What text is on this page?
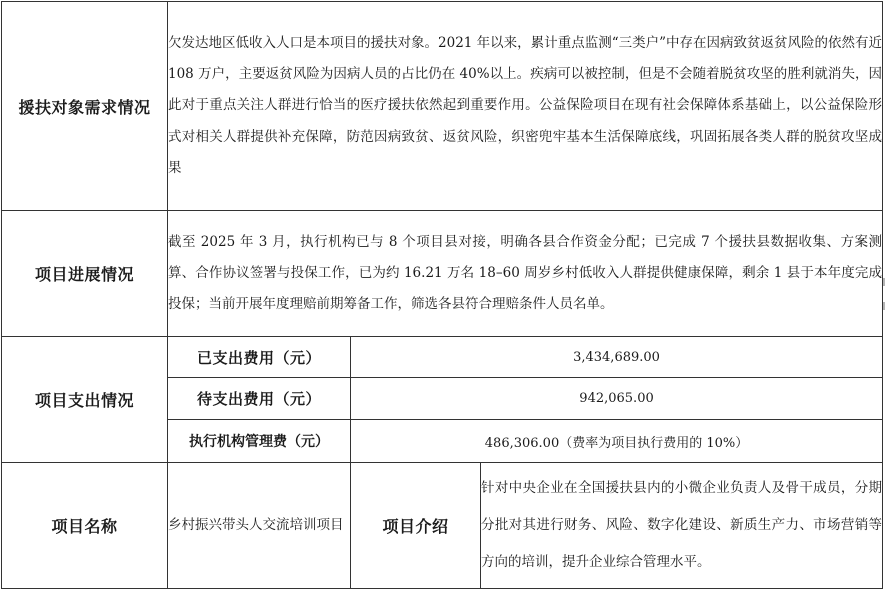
援扶对象需求情况	欠发达地区低收入人口是本项目的援扶对象。2021 年以来，累计重点监测“三类户”中存在因病致贫返贫风险的依然有近 108 万户，主要返贫风险为因病人员的占比仍在 40%以上。疾病可以被控制，但是不会随着脱贫攻坚的胜利就消失，因此对于重点关注人群进行恰当的医疗援扶依然起到重要作用。公益保险项目在现有社会保障体系基础上，以公益保险形式对相关人群提供补充保障，防范因病致贫、返贫风险，织密兜牢基本生活保障底线，巩固拓展各类人群的脱贫攻坚成果		
项目进展情况	截至 2025 年 3 月，执行机构已与 8 个项目县对接，明确各县合作资金分配；已完成 7 个援扶县数据收集、方案测算、合作协议签署与投保工作，已为约 16.21 万名 18–60 周岁乡村低收入人群提供健康保障，剩余 1 县于本年度完成投保；当前开展年度理赔前期筹备工作，筛选各县符合理赔条件人员名单。		
项目支出情况	已支出费用（元）	3,434,689.00	
	待支出费用（元）	942,065.00	
	执行机构管理费（元）	486,306.00（费率为项目执行费用的 10%）	
项目名称	乡村振兴带头人交流培训项目	项目介绍	针对中央企业在全国援扶县内的小微企业负责人及骨干成员，分期分批对其进行财务、风险、数字化建设、新质生产力、市场营销等方向的培训，提升企业综合管理水平。
